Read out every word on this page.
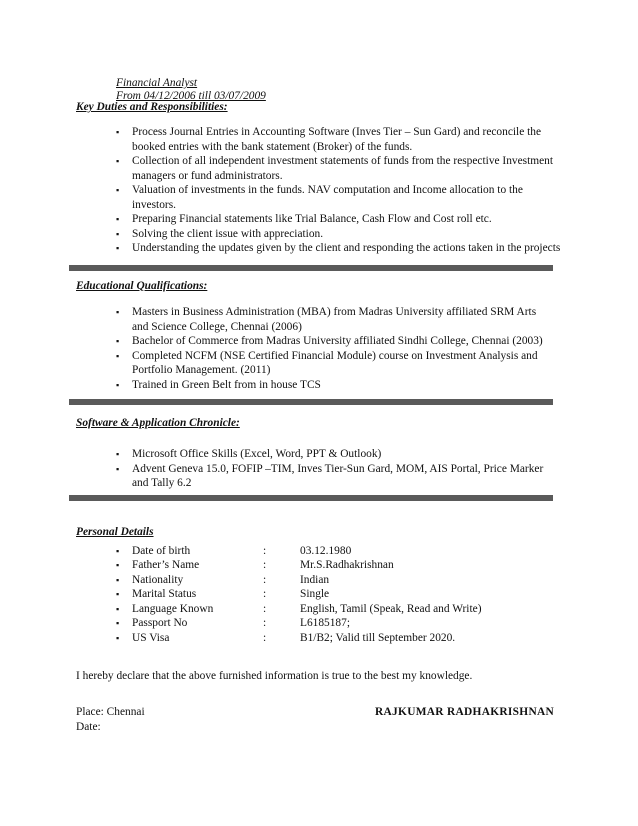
Financial Analyst
From 04/12/2006 till 03/07/2009
Key Duties and Responsibilities:
▪ Process Journal Entries in Accounting Software (Inves Tier – Sun Gard) and reconcile the booked entries with the bank statement (Broker) of the funds.
▪ Collection of all independent investment statements of funds from the respective Investment managers or fund administrators.
▪ Valuation of investments in the funds. NAV computation and Income allocation to the investors.
▪ Preparing Financial statements like Trial Balance, Cash Flow and Cost roll etc.
▪ Solving the client issue with appreciation.
▪ Understanding the updates given by the client and responding the actions taken in the projects
Educational Qualifications:
▪ Masters in Business Administration (MBA) from Madras University affiliated SRM Arts and Science College, Chennai (2006)
▪ Bachelor of Commerce from Madras University affiliated Sindhi College, Chennai (2003)
▪ Completed NCFM (NSE Certified Financial Module) course on Investment Analysis and Portfolio Management. (2011)
▪ Trained in Green Belt from in house TCS
Software & Application Chronicle:
▪ Microsoft Office Skills (Excel, Word, PPT & Outlook)
▪ Advent Geneva 15.0, FOFIP –TIM, Inves Tier-Sun Gard, MOM, AIS Portal, Price Marker and Tally 6.2
Personal Details
▪ Date of birth	:	03.12.1980
▪ Father’s Name	:	Mr.S.Radhakrishnan
▪ Nationality	:	Indian
▪ Marital Status	:	Single
▪ Language Known	:	English, Tamil (Speak, Read and Write)
▪ Passport No	:	L6185187;
▪ US Visa	:	B1/B2; Valid till September 2020.
I hereby declare that the above furnished information is true to the best my knowledge.
Place: Chennai
Date:
RAJKUMAR RADHAKRISHNAN
